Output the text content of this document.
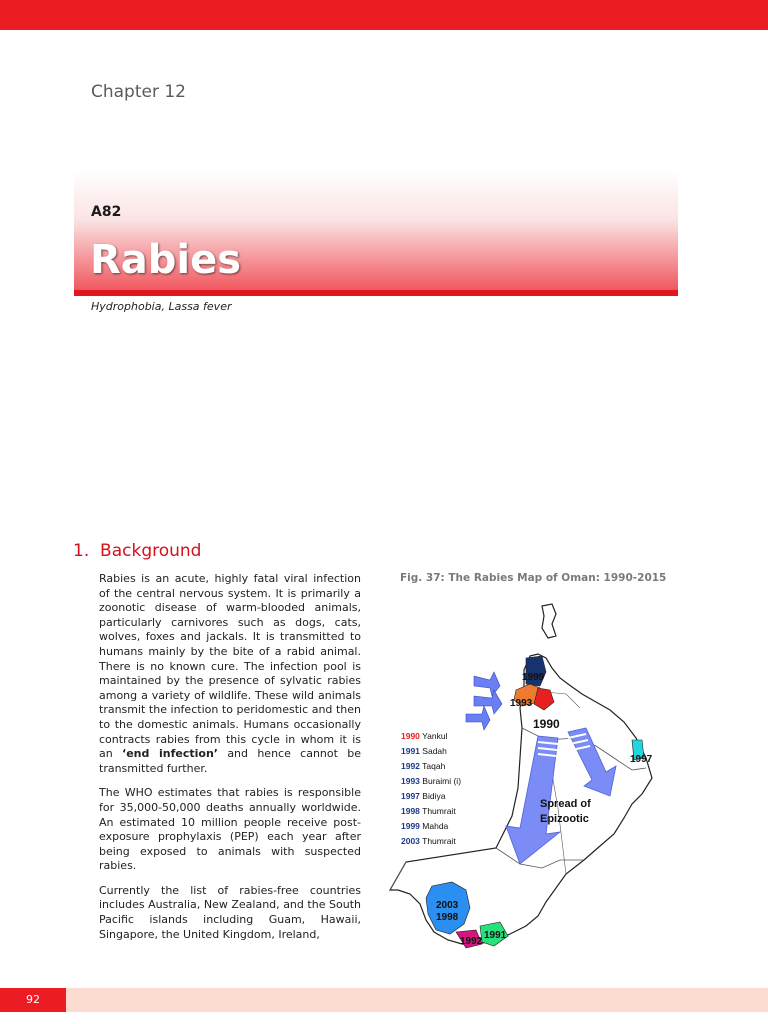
Chapter 12
A82
Rabies
Hydrophobia, Lassa fever
1. Background

Rabies is an acute, highly fatal viral infection of the central nervous system. It is primarily a zoonotic disease of warm-blooded animals, particularly carnivores such as dogs, cats, wolves, foxes and jackals. It is transmitted to humans mainly by the bite of a rabid animal. There is no known cure. The infection pool is maintained by the presence of sylvatic rabies among a variety of wildlife. These wild animals transmit the infection to peridomestic and then to the domestic animals. Humans occasionally contracts rabies from this cycle in whom it is an ‘end infection’ and hence cannot be transmitted further.

The WHO estimates that rabies is responsible for 35,000-50,000 deaths annually worldwide. An estimated 10 million people receive post-exposure prophylaxis (PEP) each year after being exposed to animals with suspected rabies.

Currently the list of rabies-free countries includes Australia, New Zealand, and the South Pacific islands including Guam, Hawaii, Singapore, the United Kingdom, Ireland,

Fig. 37: The Rabies Map of Oman: 1990-2015
1999
1993
1990
1997
Spread of
Epizootic
2003
1998
1992
1991
1990 Yankul
1991 Sadah
1992 Taqah
1993 Buraimi (i)
1997 Bidiya
1998 Thumrait
1999 Mahda
2003 Thumrait
92
